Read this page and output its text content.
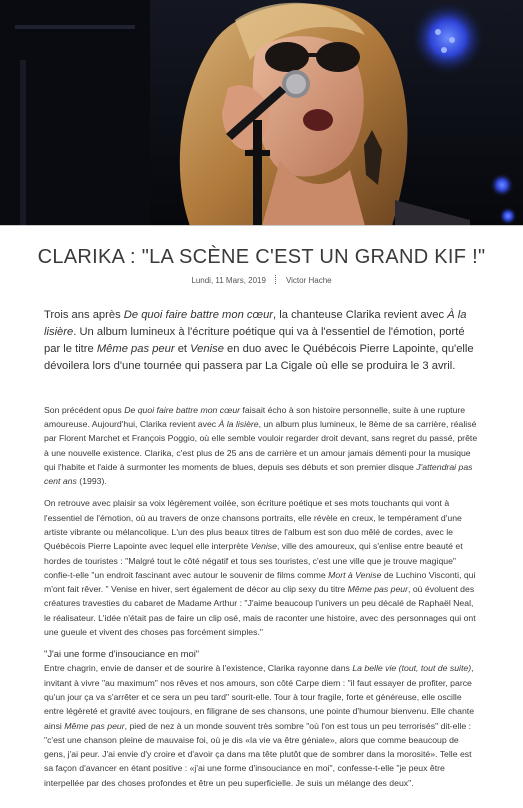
CLARIKA : "LA SCÈNE C'EST UN GRAND KIF !"
Lundi, 11 Mars, 2019	Victor Hache

Trois ans après De quoi faire battre mon cœur, la chanteuse Clarika revient avec À la lisière. Un album lumineux à l'écriture poétique qui va à l'essentiel de l'émotion, porté par le titre Même pas peur et Venise en duo avec le Québécois Pierre Lapointe, qu'elle dévoilera lors d'une tournée qui passera par La Cigale où elle se produira le 3 avril.

Son précédent opus De quoi faire battre mon cœur faisait écho à son histoire personnelle, suite à une rupture amoureuse. Aujourd'hui, Clarika revient avec À la lisière, un album plus lumineux, le 8ème de sa carrière, réalisé par Florent Marchet et François Poggio, où elle semble vouloir regarder droit devant, sans regret du passé, prête à une nouvelle existence. Clarika, c'est plus de 25 ans de carrière et un amour jamais démenti pour la musique qui l'habite et l'aide à surmonter les moments de blues, depuis ses débuts et son premier disque J'attendrai pas cent ans (1993).

On retrouve avec plaisir sa voix légèrement voilée, son écriture poétique et ses mots touchants qui vont à l'essentiel de l'émotion, où au travers de onze chansons portraits, elle révèle en creux, le tempérament d'une artiste vibrante ou mélancolique. L'un des plus beaux titres de l'album est son duo mêlé de cordes, avec le Québécois Pierre Lapointe avec lequel elle interprète Venise, ville des amoureux, qui s'enlise entre beauté et hordes de touristes : "Malgré tout le côté négatif et tous ses touristes, c'est une ville que je trouve magique" confie-t-elle "un endroit fascinant avec autour le souvenir de films comme Mort à Venise de Luchino Visconti, qui m'ont fait rêver. " Venise en hiver, sert également de décor au clip sexy du titre Même pas peur, où évoluent des créatures travesties du cabaret de Madame Arthur : "J'aime beaucoup l'univers un peu décalé de Raphaël Neal, le réalisateur. L'idée n'était pas de faire un clip osé, mais de raconter une histoire, avec des personnages qui ont une gueule et vivent des choses pas forcément simples."

"J'ai une forme d'insouciance en moi"

Entre chagrin, envie de danser et de sourire à l'existence, Clarika rayonne dans La belle vie (tout, tout de suite), invitant à vivre "au maximum" nos rêves et nos amours, son côté Carpe diem : "il faut essayer de profiter, parce qu'un jour ça va s'arrêter et ce sera un peu tard" sourit-elle. Tour à tour fragile, forte et généreuse, elle oscille entre légèreté et gravité avec toujours, en filigrane de ses chansons, une pointe d'humour bienvenu. Elle chante ainsi Même pas peur, pied de nez à un monde souvent très sombre "où l'on est tous un peu terrorisés" dit-elle : "c'est une chanson pleine de mauvaise foi, où je dis «la vie va être géniale», alors que comme beaucoup de gens, j'ai peur. J'ai envie d'y croire et d'avoir ça dans ma tête plutôt que de sombrer dans la morosité». Telle est sa façon d'avancer en étant positive : «j'ai une forme d'insouciance en moi", confesse-t-elle "je peux être interpellée par des choses profondes et être un peu superficielle. Je suis un mélange des deux".
